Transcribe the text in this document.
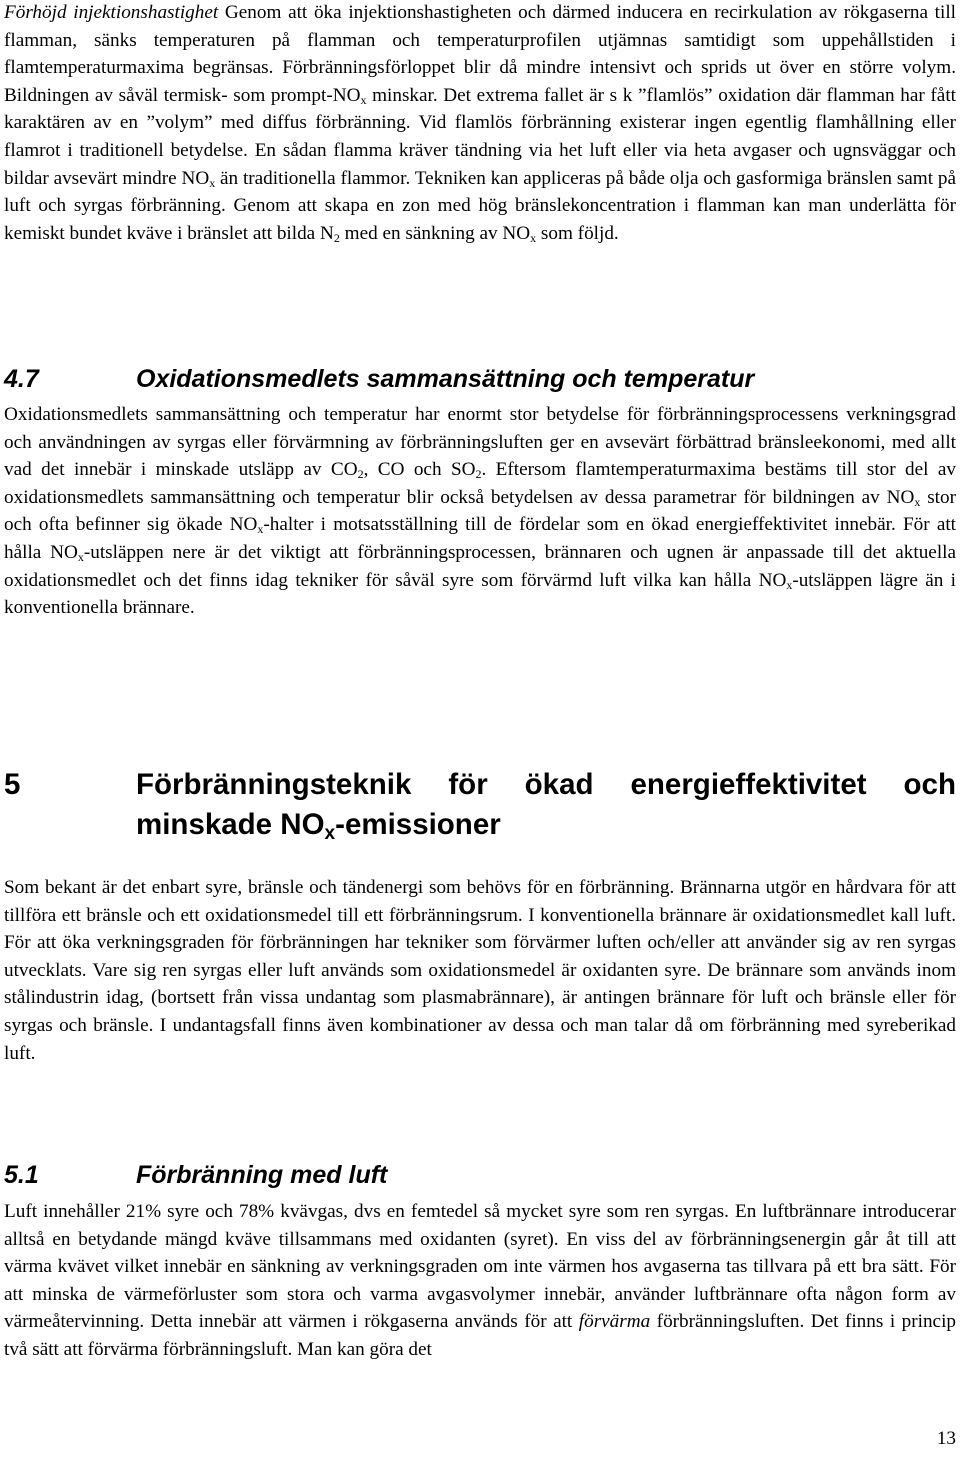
Förhöjd injektionshastighet Genom att öka injektionshastigheten och därmed inducera en recirkulation av rökgaserna till flamman, sänks temperaturen på flamman och temperaturprofilen utjämnas samtidigt som uppehållstiden i flamtemperaturmaxima begränsas. Förbränningsförloppet blir då mindre intensivt och sprids ut över en större volym. Bildningen av såväl termisk- som prompt-$NO_x$ minskar. Det extrema fallet är s k ”flamlös” oxidation där flamman har fått karaktären av en ”volym” med diffus förbränning. Vid flamlös förbränning existerar ingen egentlig flamhållning eller flamrot i traditionell betydelse. En sådan flamma kräver tändning via het luft eller via heta avgaser och ugnsväggar och bildar avsevärt mindre $NO_x$ än traditionella flammor. Tekniken kan appliceras på både olja och gasformiga bränslen samt på luft och syrgas förbränning. Genom att skapa en zon med hög bränslekoncentration i flamman kan man underlätta för kemiskt bundet kväve i bränslet att bilda $N_2$ med en sänkning av $NO_x$ som följd.

4.7	Oxidationsmedlets sammansättning och temperatur

Oxidationsmedlets sammansättning och temperatur har enormt stor betydelse för förbränningsprocessens verkningsgrad och användningen av syrgas eller förvärmning av förbränningsluften ger en avsevärt förbättrad bränsleekonomi, med allt vad det innebär i minskade utsläpp av $CO_2$, CO och $SO_2$. Eftersom flamtemperaturmaxima bestäms till stor del av oxidationsmedlets sammansättning och temperatur blir också betydelsen av dessa parametrar för bildningen av $NO_x$ stor och ofta befinner sig ökade $NO_x$-halter i motsatsställning till de fördelar som en ökad energieffektivitet innebär. För att hålla $NO_x$-utsläppen nere är det viktigt att förbränningsprocessen, brännaren och ugnen är anpassade till det aktuella oxidationsmedlet och det finns idag tekniker för såväl syre som förvärmd luft vilka kan hålla $NO_x$-utsläppen lägre än i konventionella brännare.

5	Förbränningsteknik för ökad energieffektivitet och
minskade $NO_x$-emissioner

Som bekant är det enbart syre, bränsle och tändenergi som behövs för en förbränning. Brännarna utgör en hårdvara för att tillföra ett bränsle och ett oxidationsmedel till ett förbränningsrum. I konventionella brännare är oxidationsmedlet kall luft. För att öka verkningsgraden för förbränningen har tekniker som förvärmer luften och/eller att använder sig av ren syrgas utvecklats. Vare sig ren syrgas eller luft används som oxidationsmedel är oxidanten syre. De brännare som används inom stålindustrin idag, (bortsett från vissa undantag som plasmabrännare), är antingen brännare för luft och bränsle eller för syrgas och bränsle. I undantagsfall finns även kombinationer av dessa och man talar då om förbränning med syreberikad luft.

5.1	Förbränning med luft

Luft innehåller 21% syre och 78% kvävgas, dvs en femtedel så mycket syre som ren syrgas. En luftbrännare introducerar alltså en betydande mängd kväve tillsammans med oxidanten (syret). En viss del av förbränningsenergin går åt till att värma kvävet vilket innebär en sänkning av verkningsgraden om inte värmen hos avgaserna tas tillvara på ett bra sätt. För att minska de värmeförluster som stora och varma avgasvolymer innebär, använder luftbrännare ofta någon form av värmeåtervinning. Detta innebär att värmen i rökgaserna används för att förvärma förbränningsluften. Det finns i princip två sätt att förvärma förbränningsluft. Man kan göra det

13
